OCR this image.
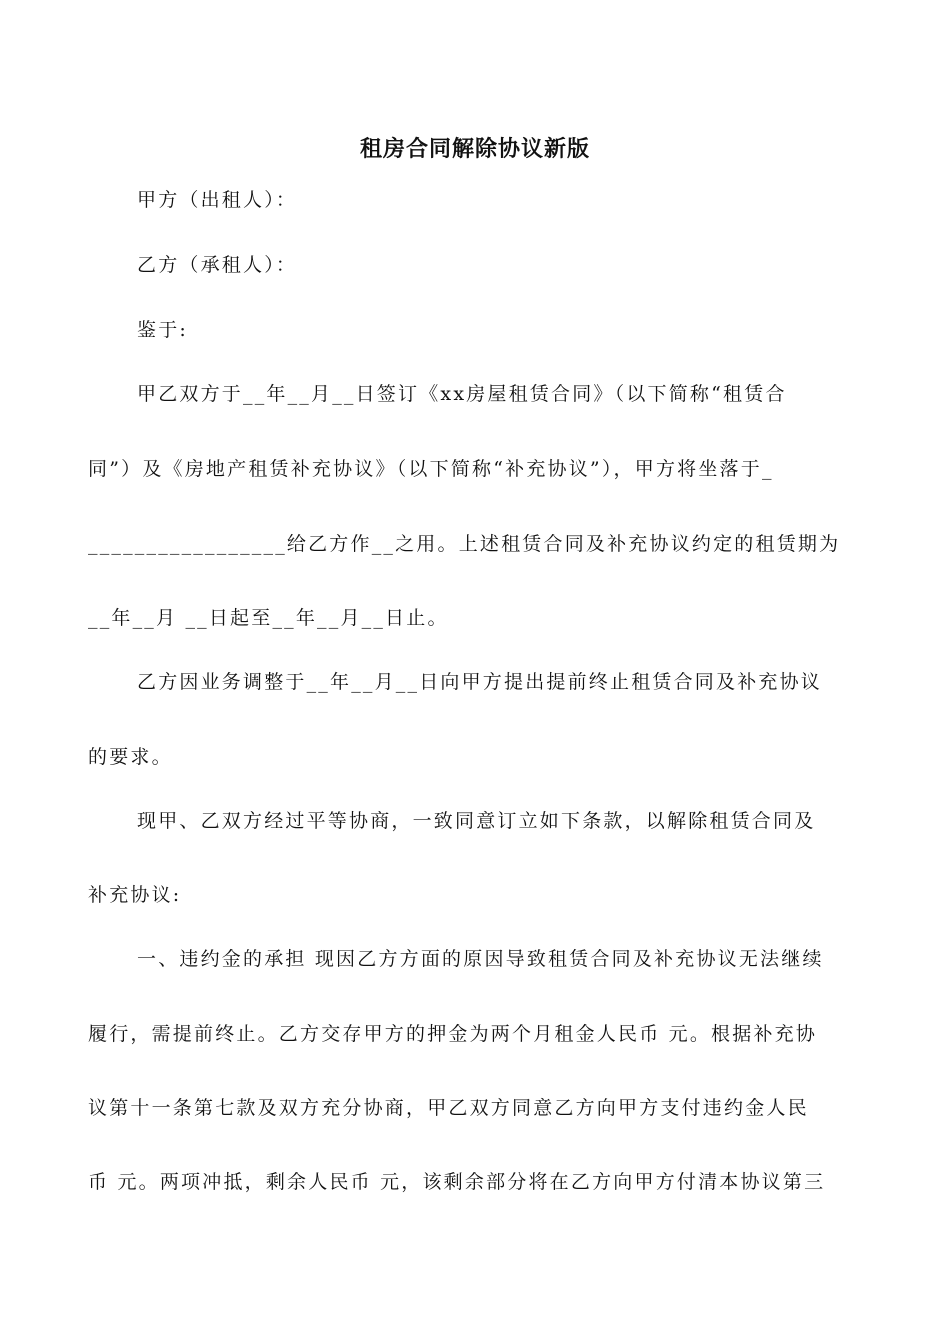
租房合同解除协议新版
甲方（出租人）：
乙方（承租人）：
鉴于:
甲乙双方于__年__月__日签订《xx房屋租赁合同》（以下简称“租赁合
同”）及《房地产租赁补充协议》（以下简称“补充协议”），甲方将坐落于_
_________________给乙方作__之用。上述租赁合同及补充协议约定的租赁期为
__年__月 __日起至__年__月__日止。
乙方因业务调整于__年__月__日向甲方提出提前终止租赁合同及补充协议
的要求。
现甲、乙双方经过平等协商，一致同意订立如下条款，以解除租赁合同及
补充协议:
一、违约金的承担 现因乙方方面的原因导致租赁合同及补充协议无法继续
履行，需提前终止。乙方交存甲方的押金为两个月租金人民币 元。根据补充协
议第十一条第七款及双方充分协商，甲乙双方同意乙方向甲方支付违约金人民
币 元。两项冲抵，剩余人民币 元，该剩余部分将在乙方向甲方付清本协议第三
